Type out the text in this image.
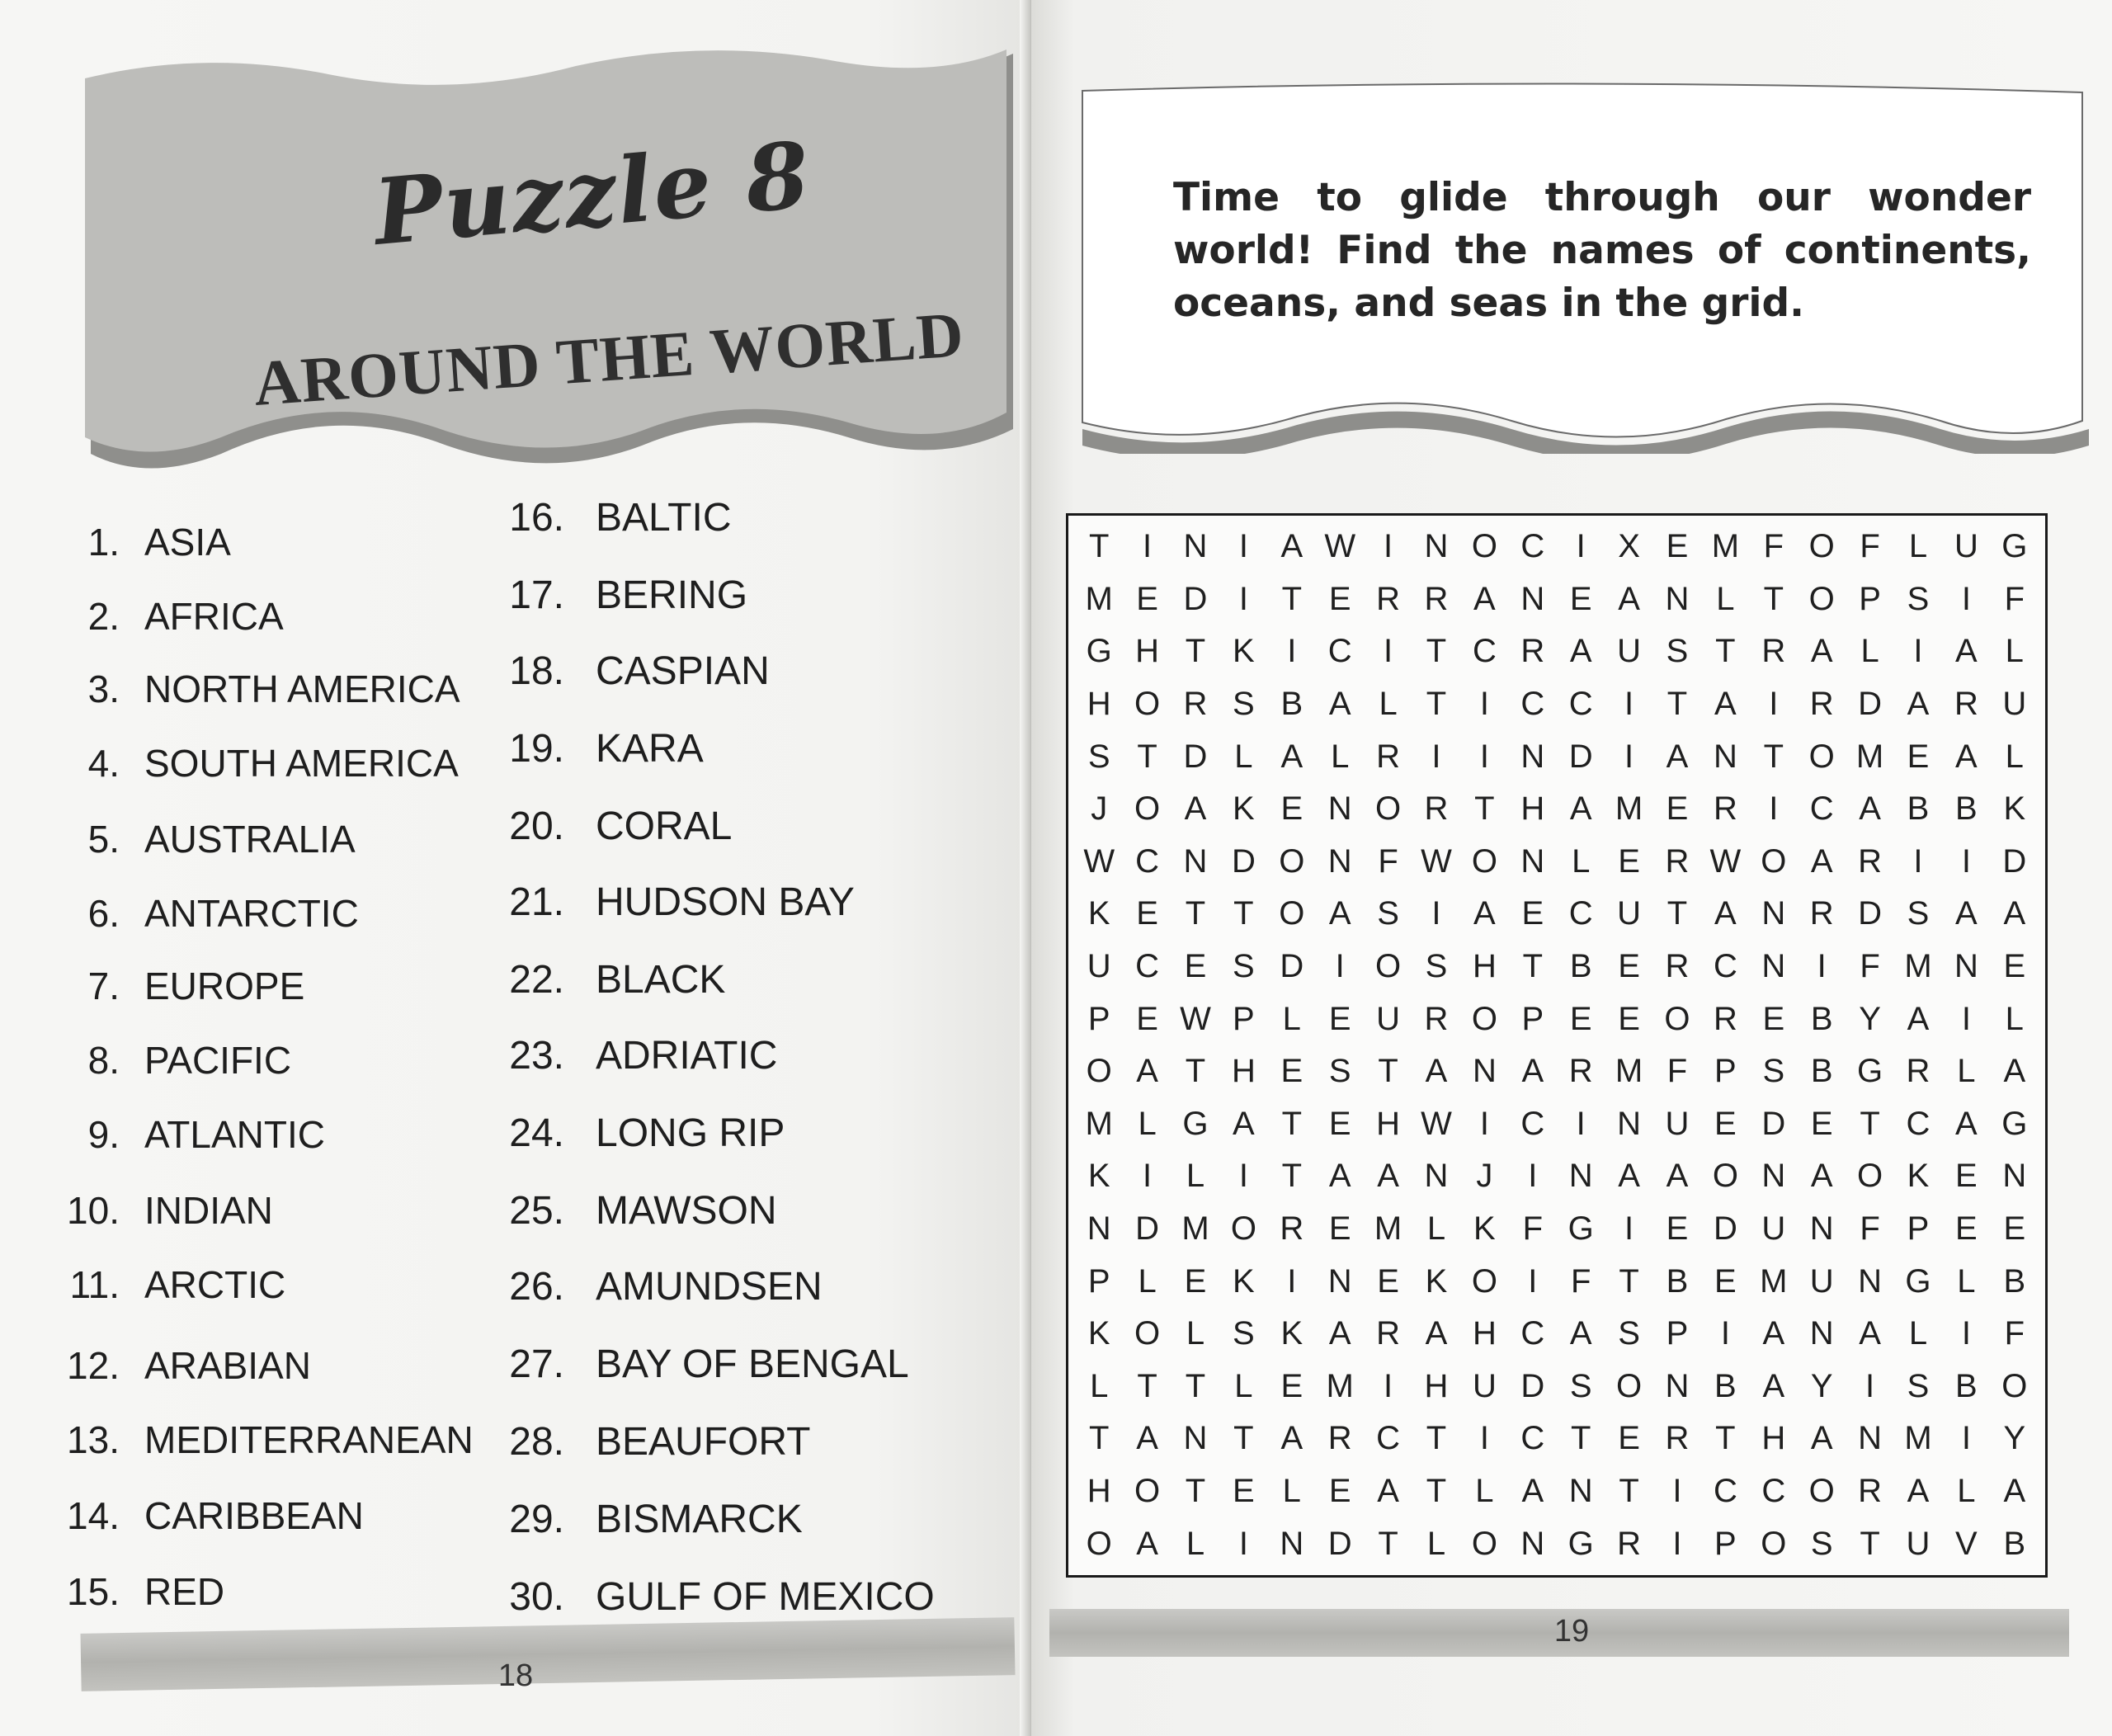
Puzzle 8
AROUND THE WORLD
1. ASIA
2. AFRICA
3. NORTH AMERICA
4. SOUTH AMERICA
5. AUSTRALIA
6. ANTARCTIC
7. EUROPE
8. PACIFIC
9. ATLANTIC
10. INDIAN
11. ARCTIC
12. ARABIAN
13. MEDITERRANEAN
14. CARIBBEAN
15. RED
16. BALTIC
17. BERING
18. CASPIAN
19. KARA
20. CORAL
21. HUDSON BAY
22. BLACK
23. ADRIATIC
24. LONG RIP
25. MAWSON
26. AMUNDSEN
27. BAY OF BENGAL
28. BEAUFORT
29. BISMARCK
30. GULF OF MEXICO
18
Time to glide through our wonder world! Find the names of continents, oceans, and seas in the grid.
T	I N I A W I N O C I X E M F O F L U G
M E D I	T E R R A N E A N L T O P S I	F
G H T K I C I	T C R A U S T R A L	I A L
H O R S B A L T	I C C I	T A I R D A R U
S T D L A L R I	I N D I A N T O M E A L
J O A K E N O R T H A M E R I C A B B K
W C N D O N F W O N L E R W O A R I	I D
K E T T O A S I A E C U T A N R D S A A
U C E S D I O S H T B E R C N I	F M N E
P E W P L E U R O P E E O R E B Y A I	L
O A T H E S T A N A R M F P S B G R L A
M L G A T E H W I C I N U E D E T C A G
K I	L	I	T A A N J	I N A A O N A O K E N
N D M O R E M L K F G I E D U N F P E E
P L E K I N E K O I	F T B E M U N G L B
K O L S K A R A H C A S P I A N A L	I	F
L T T L E M I H U D S O N B A Y I S B O
T A N T A R C T	I C T E R T H A N M I Y
H O T E L E A T L A N T	I C C O R A L A
O A L	I N D T L O N G R I P O S T U V B
19
